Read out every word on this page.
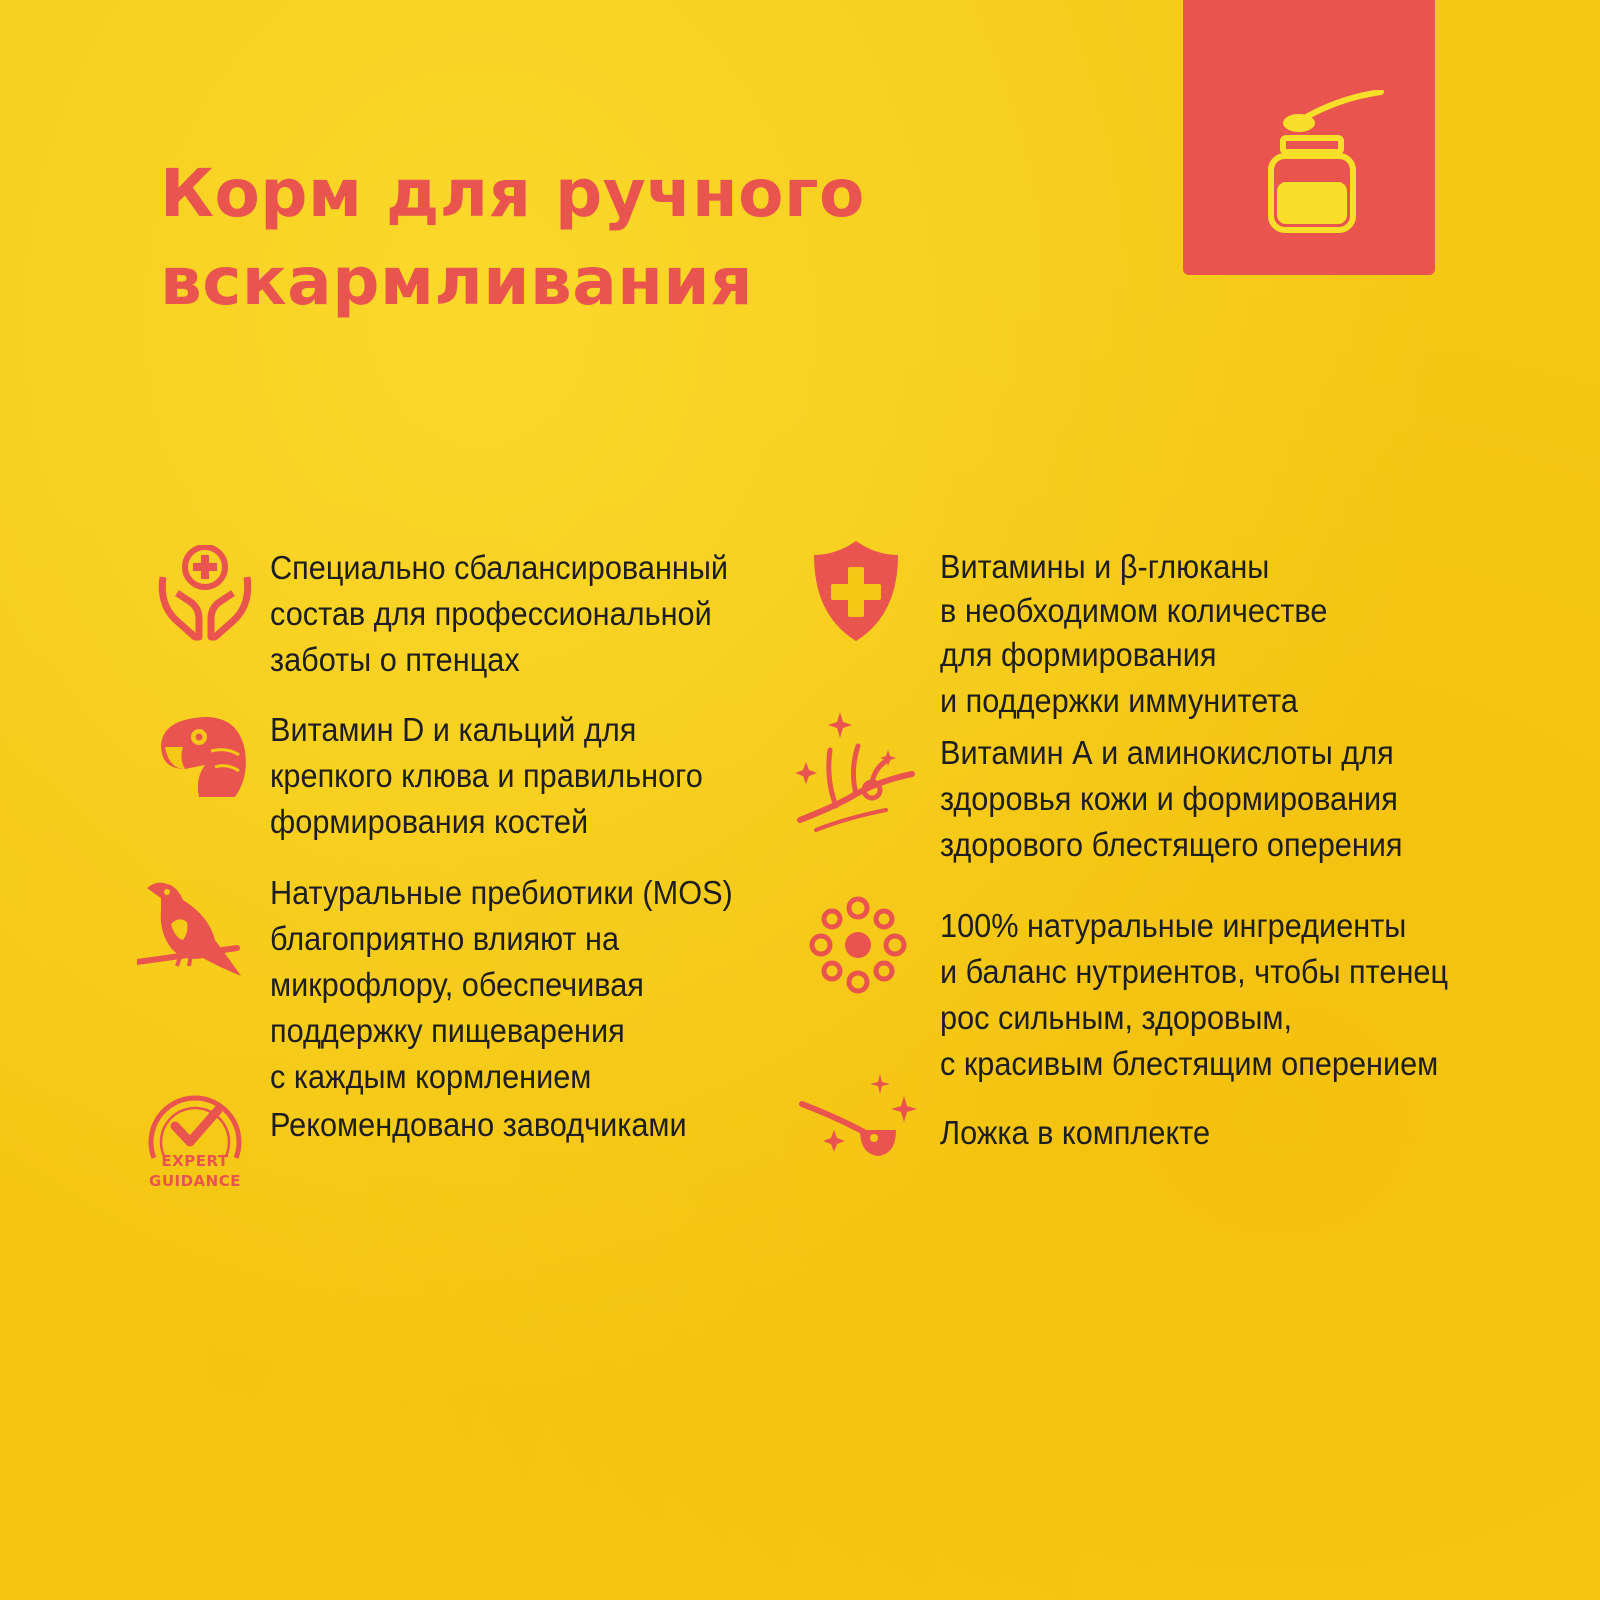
Корм для ручного
вскармливания
Специально сбалансированный
состав для профессиональной
заботы о птенцах
Витамин D и кальций для
крепкого клюва и правильного
формирования костей
Натуральные пребиотики (MOS)
благоприятно влияют на
микрофлору, обеспечивая
поддержку пищеварения
с каждым кормлением
EXPERT
GUIDANCE
Рекомендовано заводчиками
Витамины и β-глюканы
в необходимом количестве
для формирования
и поддержки иммунитета
Витамин А и аминокислоты для
здоровья кожи и формирования
здорового блестящего оперения
100% натуральные ингредиенты
и баланс нутриентов, чтобы птенец
рос сильным, здоровым,
с красивым блестящим оперением
Ложка в комплекте
